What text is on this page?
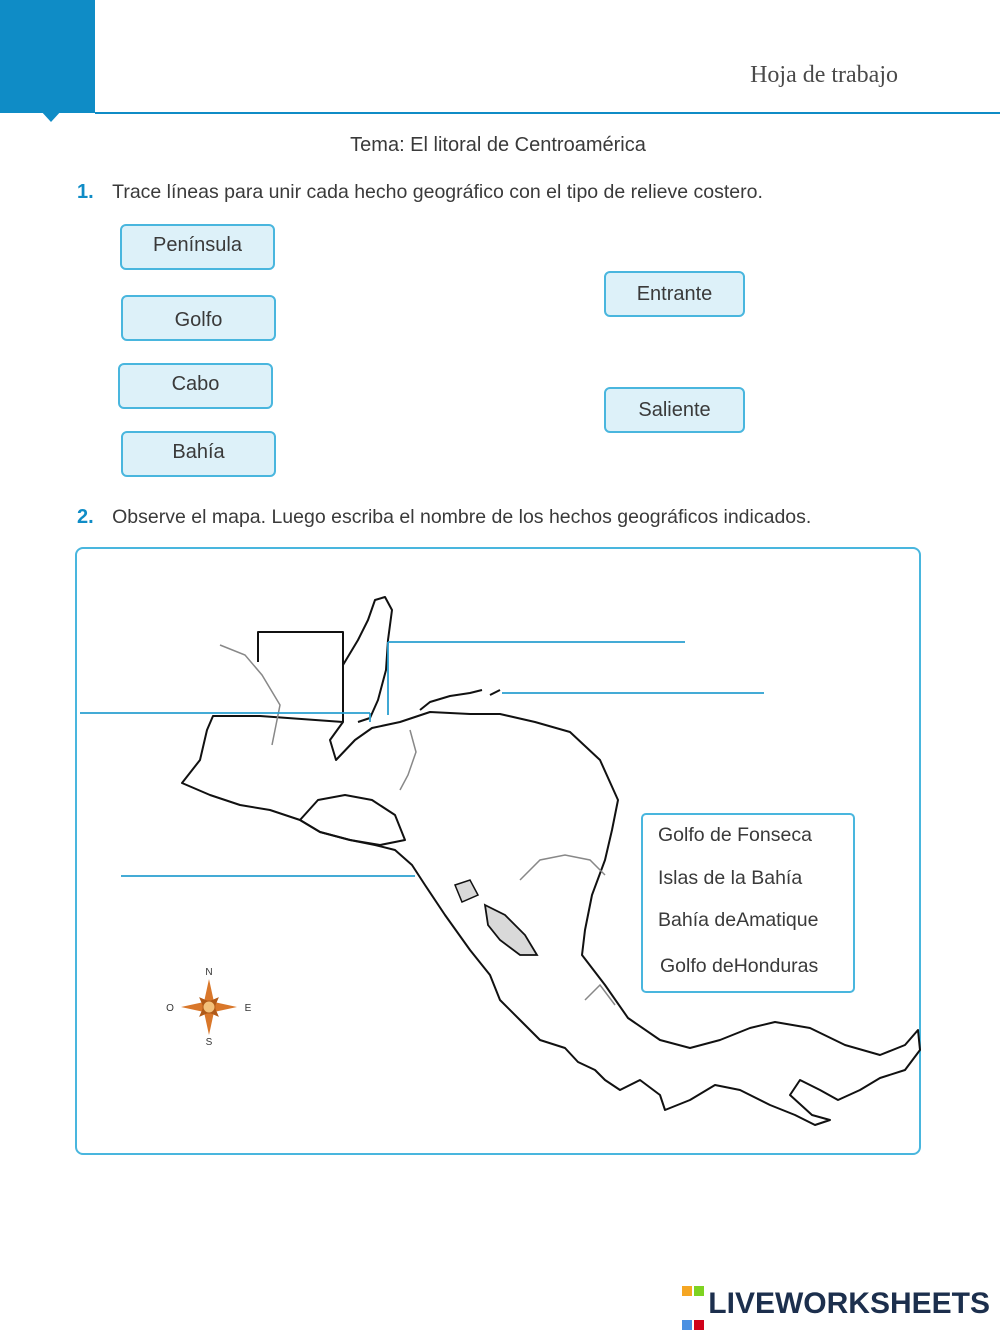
Hoja de trabajo
Tema: El litoral de Centroamérica
1. Trace líneas para unir cada hecho geográfico con el tipo de relieve costero.
Península
Golfo
Cabo
Bahía
Entrante
Saliente
2. Observe el mapa. Luego escriba el nombre de los hechos geográficos indicados.
N
S
E
O
Golfo de Fonseca
Islas de la Bahía
Bahía deAmatique
Golfo deHonduras

LIVEWORKSHEETS
